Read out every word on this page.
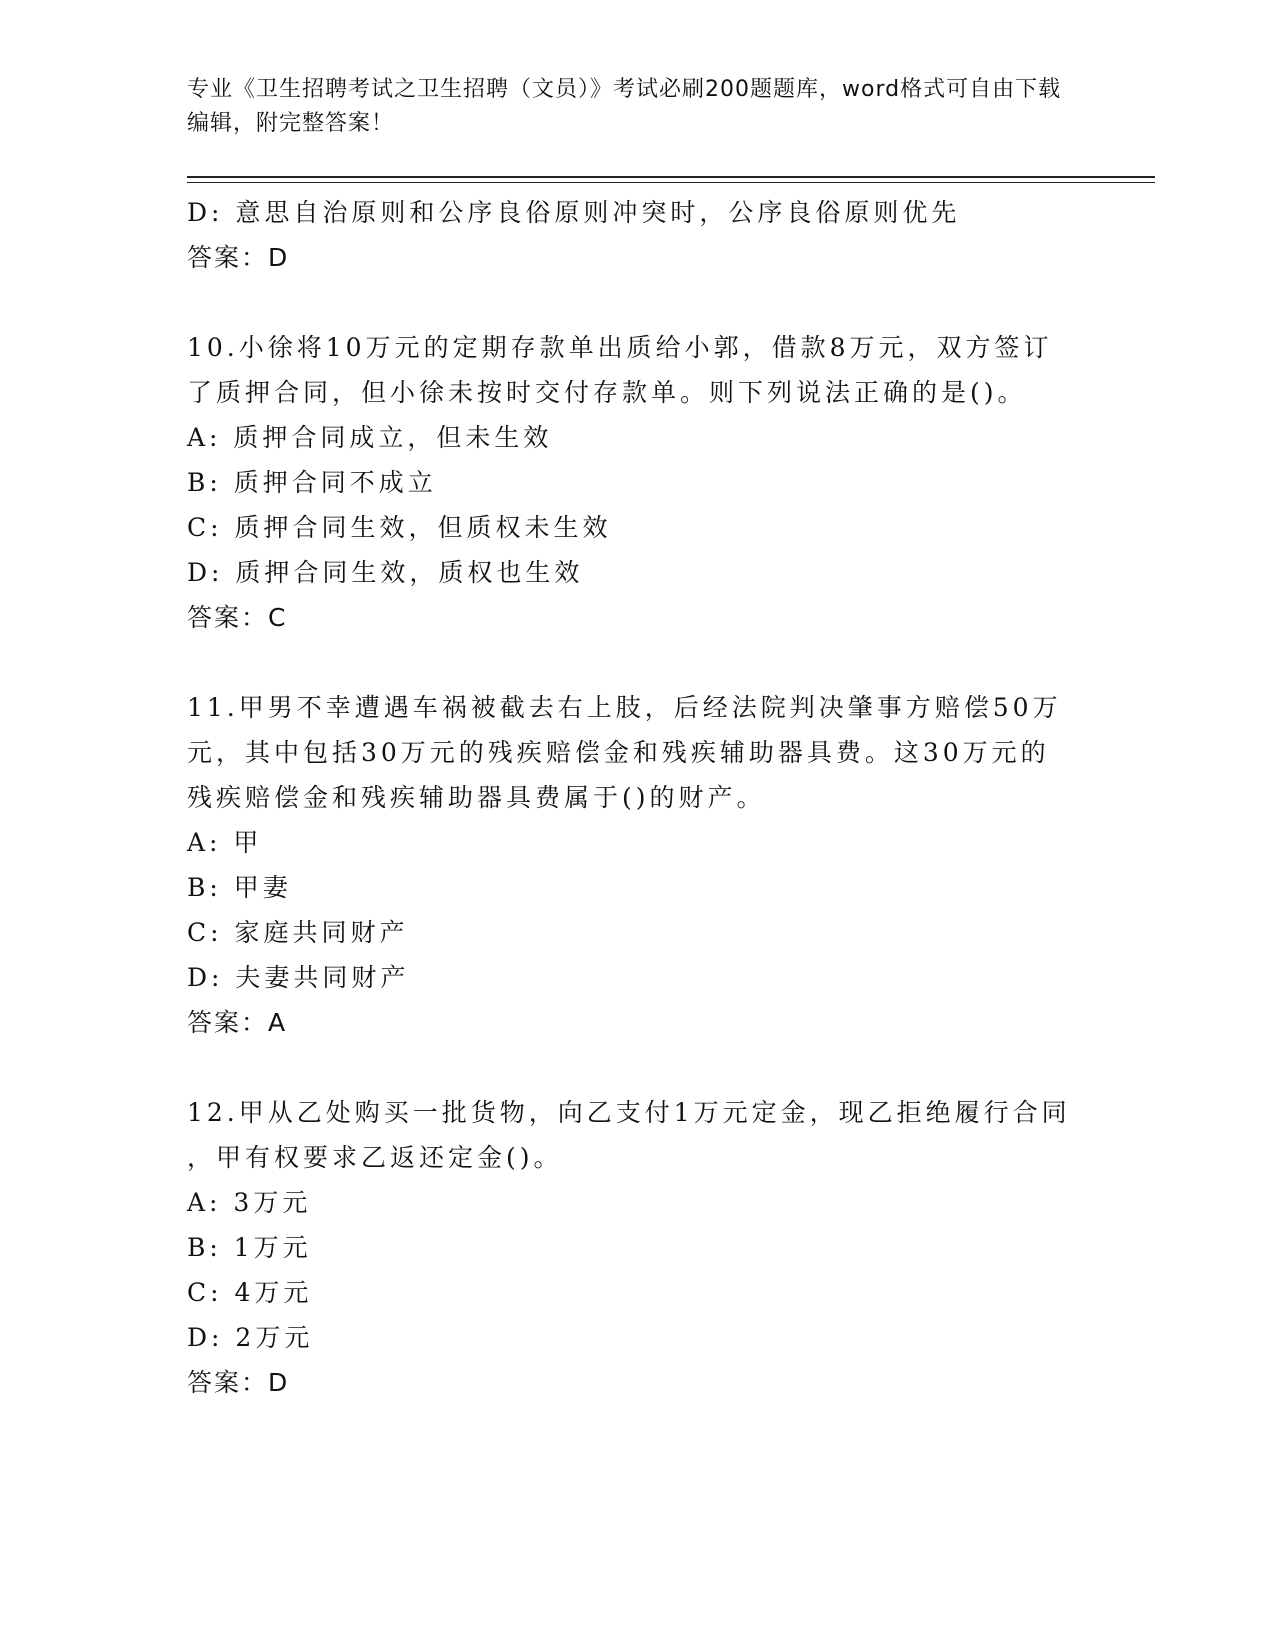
专业《卫生招聘考试之卫生招聘（文员）》考试必刷200题题库，word格式可自由下载编辑，附完整答案！

D: 意思自治原则和公序良俗原则冲突时，公序良俗原则优先

答案：D

10.小徐将10万元的定期存款单出质给小郭，借款8万元，双方签订

了质押合同，但小徐未按时交付存款单。则下列说法正确的是()。

A: 质押合同成立，但未生效

B: 质押合同不成立

C: 质押合同生效，但质权未生效

D: 质押合同生效，质权也生效

答案：C

11.甲男不幸遭遇车祸被截去右上肢，后经法院判决肇事方赔偿50万

元，其中包括30万元的残疾赔偿金和残疾辅助器具费。这30万元的

残疾赔偿金和残疾辅助器具费属于()的财产。

A: 甲

B: 甲妻

C: 家庭共同财产

D: 夫妻共同财产

答案：A

12.甲从乙处购买一批货物，向乙支付1万元定金，现乙拒绝履行合同

，甲有权要求乙返还定金()。

A: 3万元

B: 1万元

C: 4万元

D: 2万元

答案：D
